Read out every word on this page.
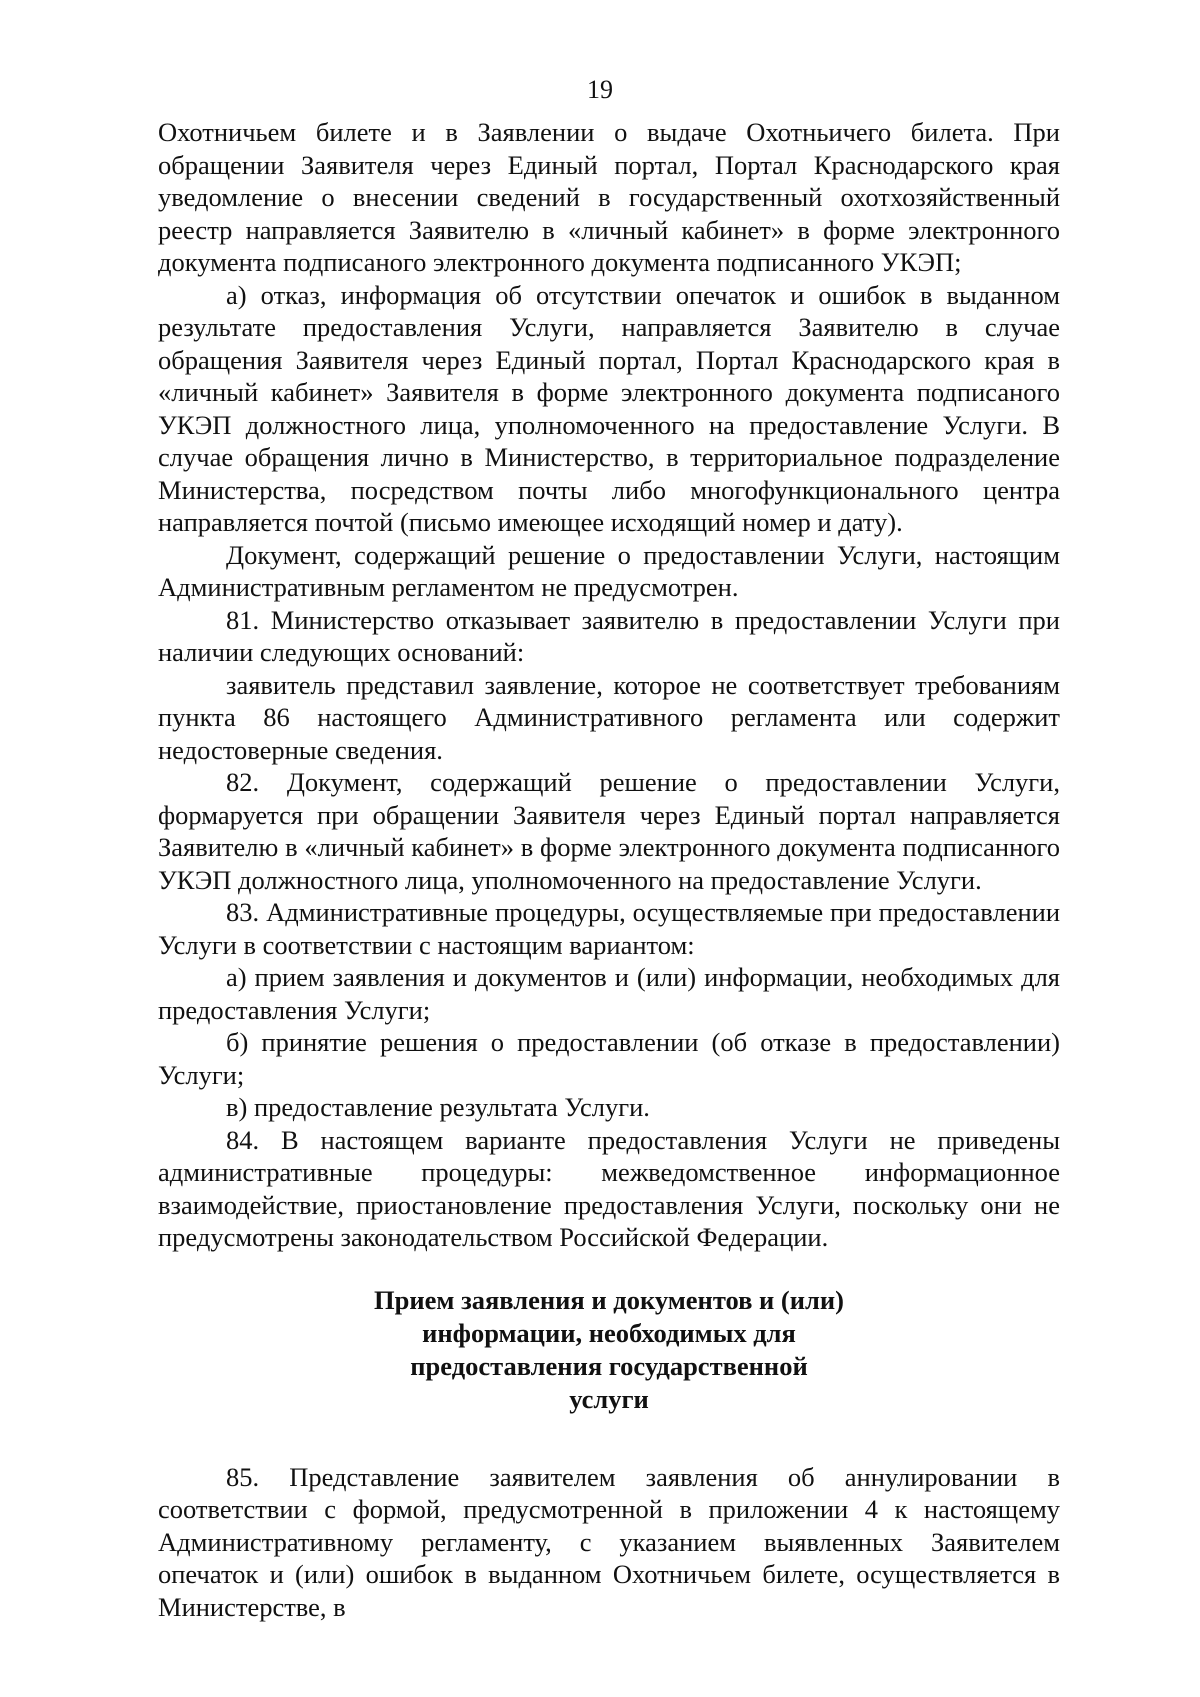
19

Охотничьем билете и в Заявлении о выдаче Охотньичего билета. При обращении Заявителя через Единый портал, Портал Краснодарского края уведомление о внесении сведений в государственный охотхозяйственный реестр направляется Заявителю в «личный кабинет» в форме электронного документа подписаного электронного документа подписанного УКЭП;

а) отказ, информация об отсутствии опечаток и ошибок в выданном результате предоставления Услуги, направляется Заявителю в случае обращения Заявителя через Единый портал, Портал Краснодарского края в «личный кабинет» Заявителя в форме электронного документа подписаного УКЭП должностного лица, уполномоченного на предоставление Услуги. В случае обращения лично в Министерство, в территориальное подразделение Министерства, посредством почты либо многофункционального центра направляется почтой (письмо имеющее исходящий номер и дату).

Документ, содержащий решение о предоставлении Услуги, настоящим Административным регламентом не предусмотрен.

81. Министерство отказывает заявителю в предоставлении Услуги при наличии следующих оснований:

заявитель представил заявление, которое не соответствует требованиям пункта 86 настоящего Административного регламента или содержит недостоверные сведения.

82. Документ, содержащий решение о предоставлении Услуги, формаруется при обращении Заявителя через Единый портал направляется Заявителю в «личный кабинет» в форме электронного документа подписанного УКЭП должностного лица, уполномоченного на предоставление Услуги.

83. Административные процедуры, осуществляемые при предоставлении Услуги в соответствии с настоящим вариантом:

а) прием заявления и документов и (или) информации, необходимых для предоставления Услуги;

б) принятие решения о предоставлении (об отказе в предоставлении) Услуги;

в) предоставление результата Услуги.

84. В настоящем варианте предоставления Услуги не приведены административные процедуры: межведомственное информационное взаимодействие, приостановление предоставления Услуги, поскольку они не предусмотрены законодательством Российской Федерации.

Прием заявления и документов и (или)
информации, необходимых для
предоставления государственной
услуги

85. Представление заявителем заявления об аннулировании в соответствии с формой, предусмотренной в приложении 4 к настоящему Административному регламенту, с указанием выявленных Заявителем опечаток и (или) ошибок в выданном Охотничьем билете, осуществляется в Министерстве, в
